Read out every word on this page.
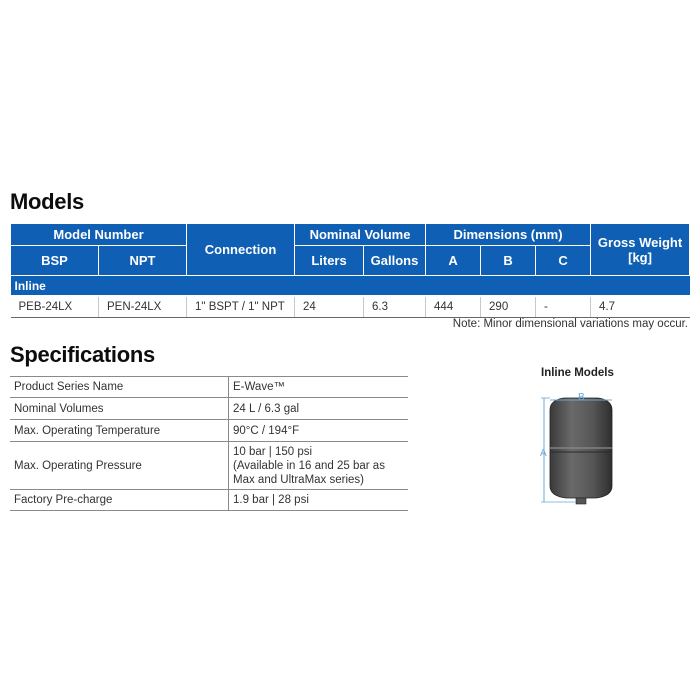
Models
Model Number		Connection	Nominal Volume		Dimensions (mm)			Gross Weight
[kg]
BSP	NPT		Liters	Gallons	A	B	C	
Inline								
PEB-24LX	PEN-24LX	1" BSPT / 1" NPT	24	6.3	444	290	-	4.7
Note: Minor dimensional variations may occur.
Specifications
Product Series Name	E-Wave™
Nominal Volumes	24 L / 6.3 gal
Max. Operating Temperature	90°C / 194°F
Max. Operating Pressure	10 bar | 150 psi
(Available in 16 and 25 bar as
Max and UltraMax series)
Factory Pre-charge	1.9 bar | 28 psi
Inline Models
B
A
